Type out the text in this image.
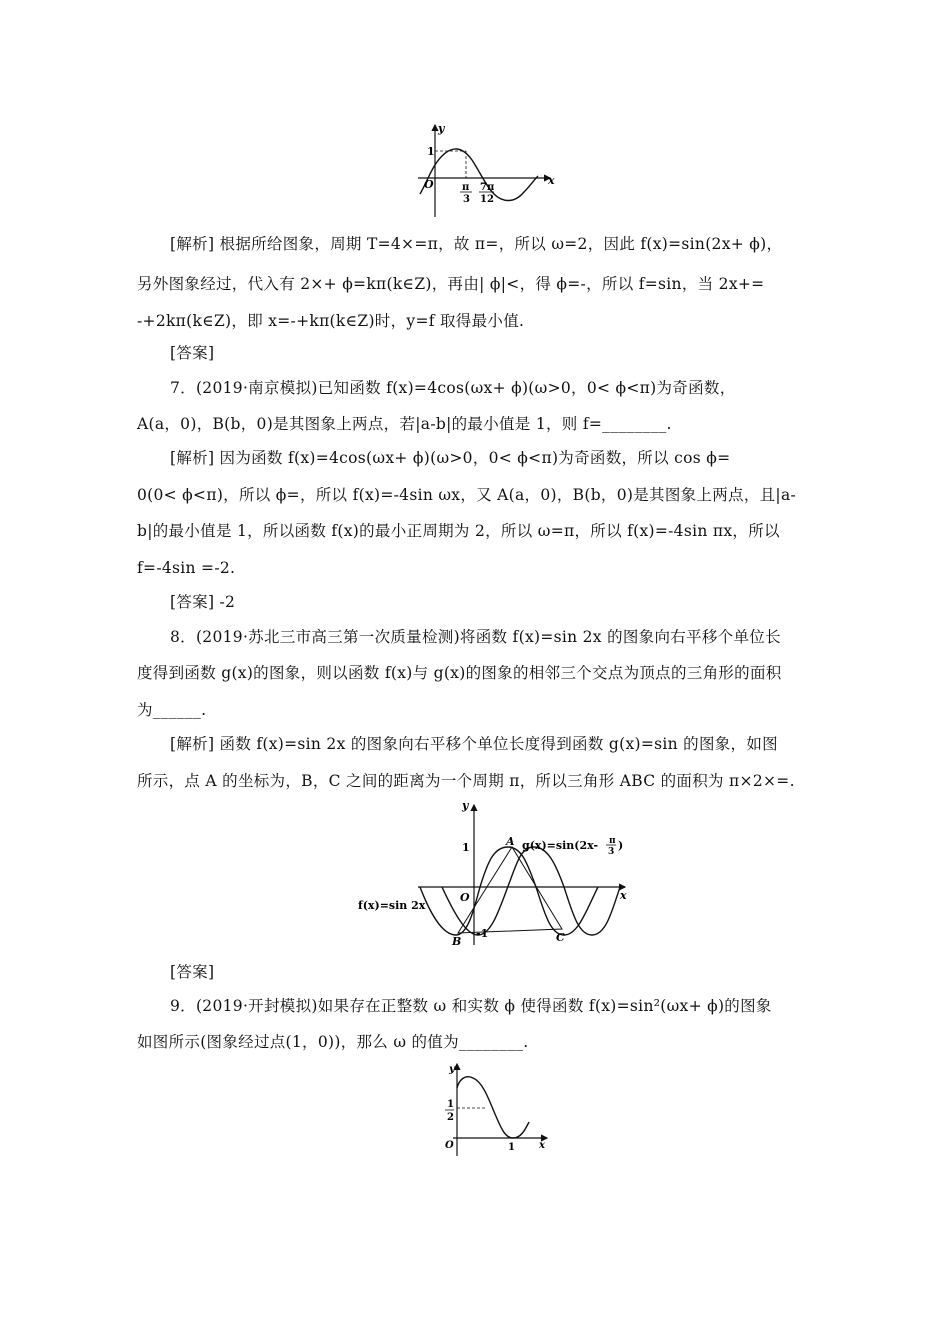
y
x
1
O	π
3
7π
12
[解析] 根据所给图象，周期 T=4×=π，故 π=，所以 ω=2，因此 f(x)=sin(2x+ ϕ)，
另外图象经过，代入有 2×+ ϕ=kπ(k∈Z)，再由| ϕ|<，得 ϕ=-，所以 f=sin，当 2x+=
-+2kπ(k∈Z)，即 x=-+kπ(k∈Z)时，y=f 取得最小值.
[答案]
7．(2019·南京模拟)已知函数 f(x)=4cos(ωx+ ϕ)(ω>0，0< ϕ<π)为奇函数，
A(a，0)，B(b，0)是其图象上两点，若|a-b|的最小值是 1，则 f=________.
[解析] 因为函数 f(x)=4cos(ωx+ ϕ)(ω>0，0< ϕ<π)为奇函数，所以 cos ϕ=
0(0< ϕ<π)，所以 ϕ=，所以 f(x)=-4sin ωx，又 A(a，0)，B(b，0)是其图象上两点，且|a-
b|的最小值是 1，所以函数 f(x)的最小正周期为 2，所以 ω=π，所以 f(x)=-4sin πx，所以
f=-4sin =-2.
[答案] -2
8．(2019·苏北三市高三第一次质量检测)将函数 f(x)=sin 2x 的图象向右平移个单位长
度得到函数 g(x)的图象，则以函数 f(x)与 g(x)的图象的相邻三个交点为顶点的三角形的面积
为______.
[解析] 函数 f(x)=sin 2x 的图象向右平移个单位长度得到函数 g(x)=sin 的图象，如图
所示，点 A 的坐标为，B，C 之间的距离为一个周期 π，所以三角形 ABC 的面积为 π×2×=.
y
x
1
-1
O
A
B	C
g(x)=sin(2x- π
3 )
f(x)=sin 2x
[答案]
9．(2019·开封模拟)如果存在正整数 ω 和实数 ϕ 使得函数 f(x)=sin²(ωx+ ϕ)的图象
如图所示(图象经过点(1，0))，那么 ω 的值为________.
y
x
O
1
2
1
